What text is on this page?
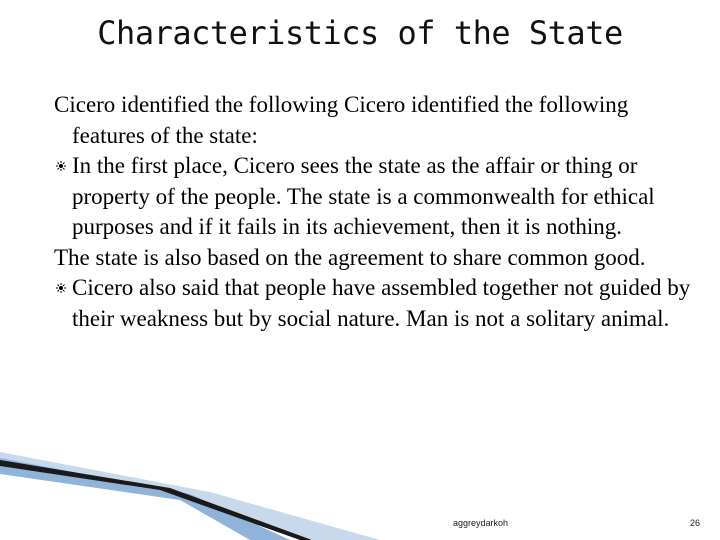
Characteristics of the State
Cicero identified the following Cicero identified the following features of the state:
In the first place, Cicero sees the state as the affair or thing or property of the people. The state is a commonwealth for ethical purposes and if it fails in its achievement, then it is nothing.
The state is also based on the agreement to share common good.
Cicero also said that people have assembled together not guided by their weakness but by social nature. Man is not a solitary animal.
aggreydarkoh	26
